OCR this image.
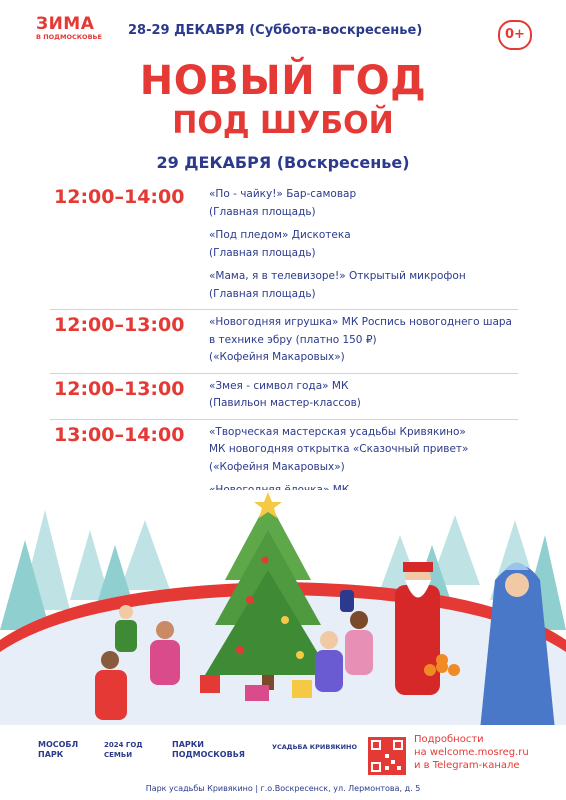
ЗИМА
В ПОДМОСКОВЬЕ	28-29 ДЕКАБРЯ (Суббота-воскресенье)	0+
НОВЫЙ ГОД
ПОД ШУБОЙ
29 ДЕКАБРЯ (Воскресенье)
12:00–14:00	«По - чайку!» Бар-самовар
(Главная площадь)
«Под пледом» Дискотека
(Главная площадь)
«Мама, я в телевизоре!» Открытый микрофон
(Главная площадь)
12:00–13:00	«Новогодняя игрушка» МК Роспись новогоднего шара
в технике эбру (платно 150 ₽)
(«Кофейня Макаровых»)
12:00–13:00	«Змея - символ года» МК
(Павильон мастер-классов)
13:00–14:00	«Творческая мастерская усадьбы Кривякино»
МК новогодняя открытка «Сказочный привет»
(«Кофейня Макаровых»)
МОСОБЛ ПАРК
2024 ГОД СЕМЬИ
ПАРКИ ПОДМОСКОВЬЯ
УСАДЬБА КРИВЯКИНО
Подробности
на welcome.mosreg.ru
и в Telegram-канале
Парк усадьбы Кривякино | г.о.Воскресенск, ул. Лермонтова, д. 5
